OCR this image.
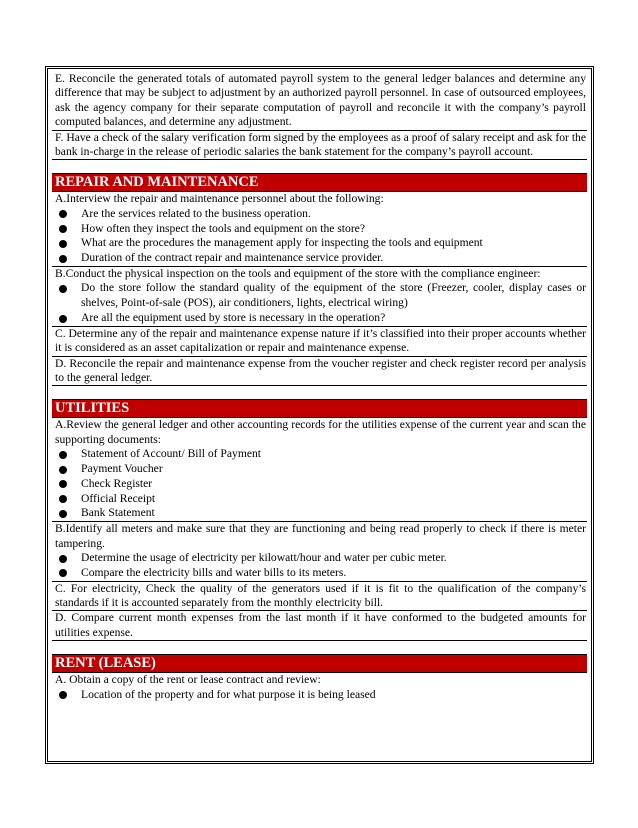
E. Reconcile the generated totals of automated payroll system to the general ledger balances and determine any difference that may be subject to adjustment by an authorized payroll personnel. In case of outsourced employees, ask the agency company for their separate computation of payroll and reconcile it with the company’s payroll computed balances, and determine any adjustment.

F. Have a check of the salary verification form signed by the employees as a proof of salary receipt and ask for the bank in-charge in the release of periodic salaries the bank statement for the company’s payroll account.

REPAIR AND MAINTENANCE

A.Interview the repair and maintenance personnel about the following:

Are the services related to the business operation.
How often they inspect the tools and equipment on the store?
What are the procedures the management apply for inspecting the tools and equipment
Duration of the contract repair and maintenance service provider.

B.Conduct the physical inspection on the tools and equipment of the store with the compliance engineer:

Do the store follow the standard quality of the equipment of the store (Freezer, cooler, display cases or shelves, Point-of-sale (POS), air conditioners, lights, electrical wiring)
Are all the equipment used by store is necessary in the operation?

C. Determine any of the repair and maintenance expense nature if it’s classified into their proper accounts whether it is considered as an asset capitalization or repair and maintenance expense.

D. Reconcile the repair and maintenance expense from the voucher register and check register record per analysis to the general ledger.

UTILITIES

A.Review the general ledger and other accounting records for the utilities expense of the current year and scan the supporting documents:

Statement of Account/ Bill of Payment
Payment Voucher
Check Register
Official Receipt
Bank Statement

B.Identify all meters and make sure that they are functioning and being read properly to check if there is meter tampering.

Determine the usage of electricity per kilowatt/hour and water per cubic meter.
Compare the electricity bills and water bills to its meters.

C. For electricity, Check the quality of the generators used if it is fit to the qualification of the company’s standards if it is accounted separately from the monthly electricity bill.

D. Compare current month expenses from the last month if it have conformed to the budgeted amounts for utilities expense.

RENT (LEASE)

A. Obtain a copy of the rent or lease contract and review:

Location of the property and for what purpose it is being leased
